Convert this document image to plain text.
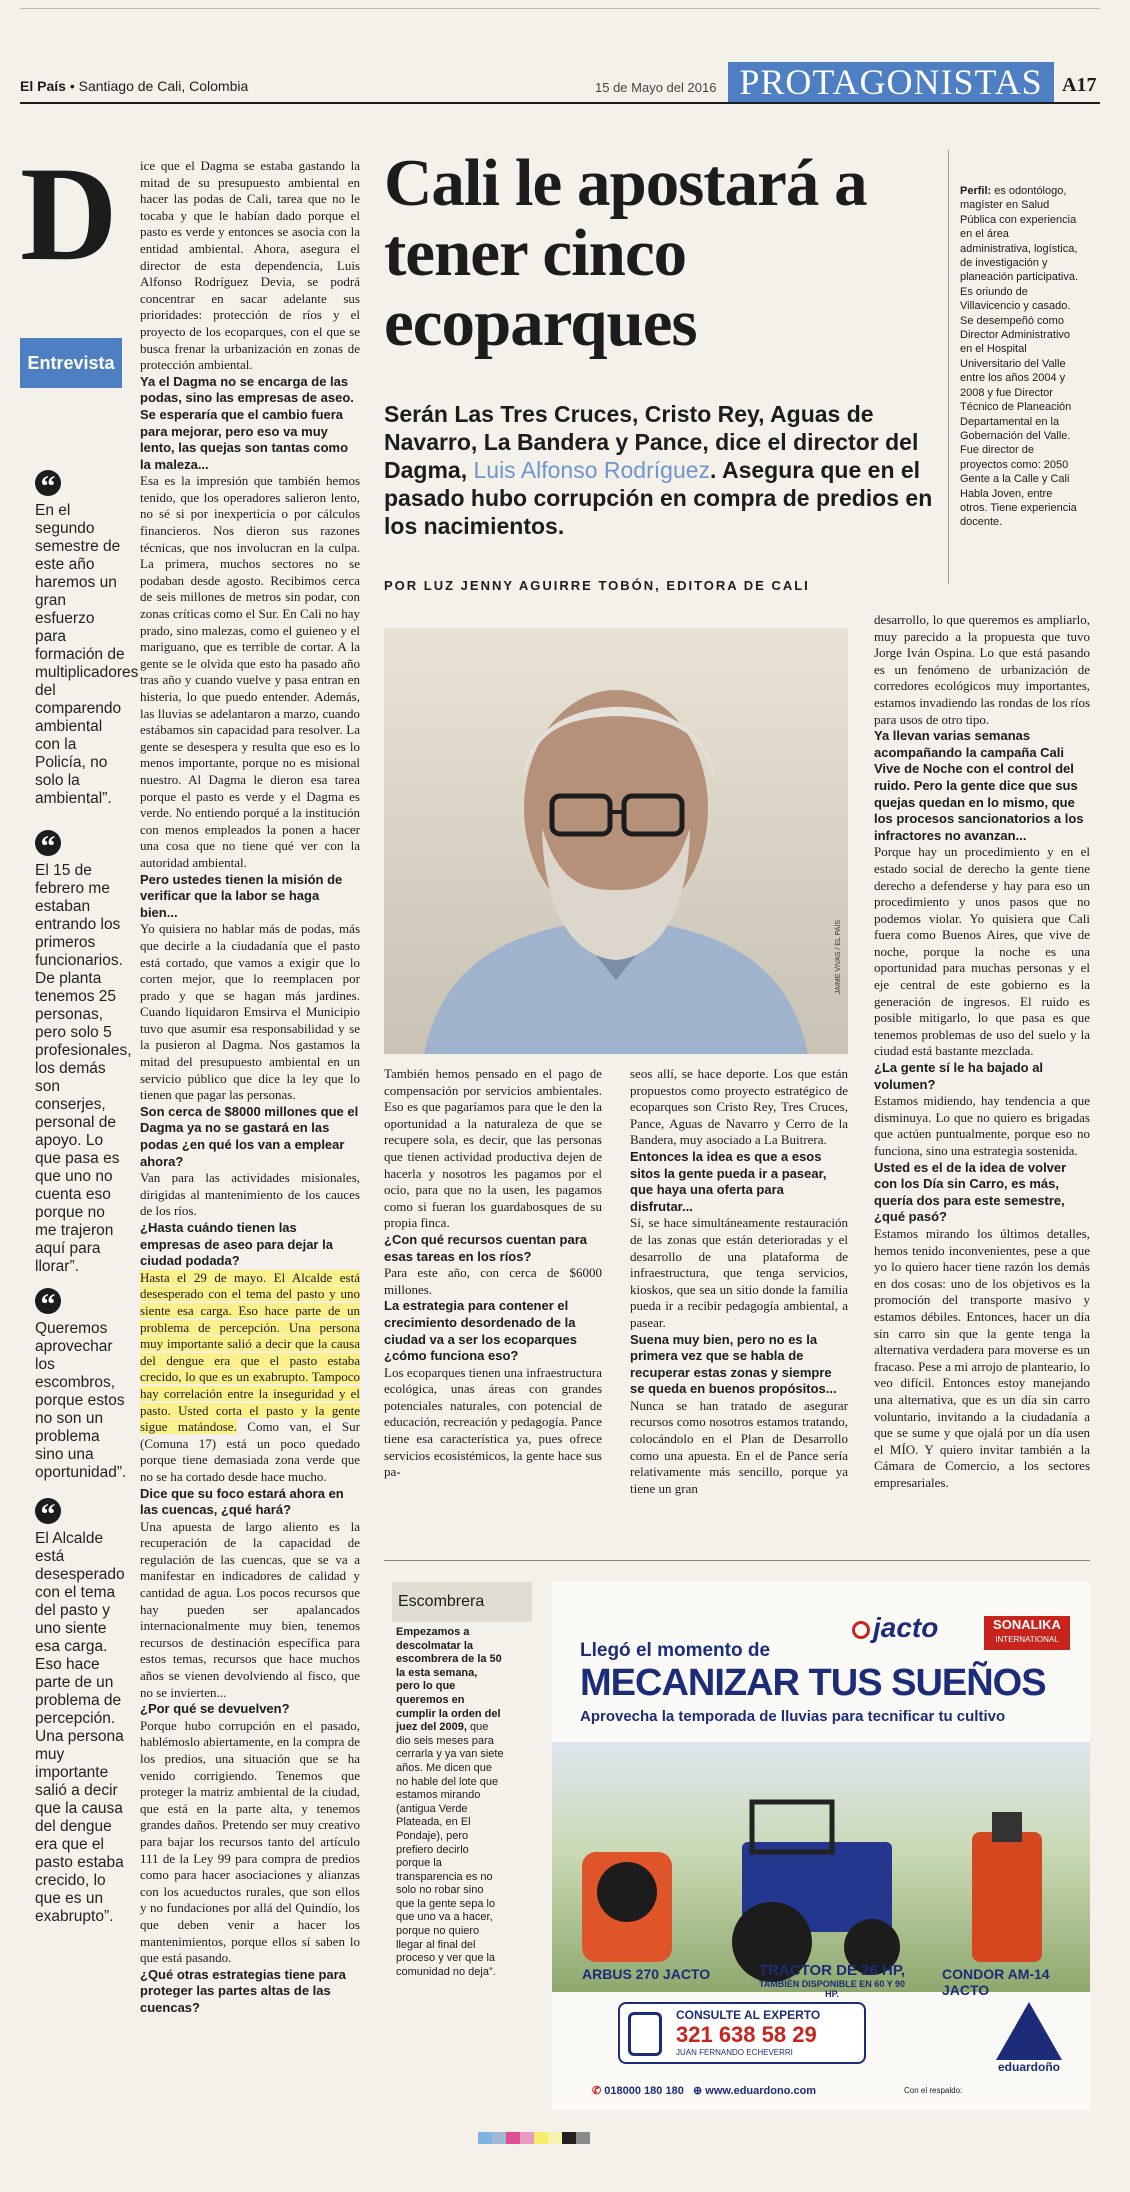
El País • Santiago de Cali, Colombia	15 de Mayo del 2016 PROTAGONISTAS A17
D
Entrevista
“
En el segundo semestre de este año haremos un gran esfuerzo para formación de multiplicadores del comparendo ambiental con la Policía, no solo la ambiental”.
“
El 15 de febrero me estaban entrando los primeros funcionarios. De planta tenemos 25 personas, pero solo 5 profesionales, los demás son conserjes, personal de apoyo. Lo que pasa es que uno no cuenta eso porque no me trajeron aquí para llorar”.
“
Queremos aprovechar los escombros, porque estos no son un problema sino una oportunidad”.
“
El Alcalde está desesperado con el tema del pasto y uno siente esa carga. Eso hace parte de un problema de percepción. Una persona muy importante salió a decir que la causa del dengue era que el pasto estaba crecido, lo que es un exabrupto”.

ice que el Dagma se estaba gastando la mitad de su presupuesto ambiental en hacer las podas de Cali, tarea que no le tocaba y que le habían dado porque el pasto es verde y entonces se asocia con la entidad ambiental. Ahora, asegura el director de esta dependencia, Luis Alfonso Rodríguez Devia, se podrá concentrar en sacar adelante sus prioridades: protección de ríos y el proyecto de los ecoparques, con el que se busca frenar la urbanización en zonas de protección ambiental.

Ya el Dagma no se encarga de las podas, sino las empresas de aseo. Se esperaría que el cambio fuera para mejorar, pero eso va muy lento, las quejas son tantas como la maleza...

Esa es la impresión que también hemos tenido, que los operadores salieron lento, no sé si por inexperticia o por cálculos financieros. Nos dieron sus razones técnicas, que nos involucran en la culpa. La primera, muchos sectores no se podaban desde agosto. Recibimos cerca de seis millones de metros sin podar, con zonas críticas como el Sur. En Cali no hay prado, sino malezas, como el guieneo y el mariguano, que es terrible de cortar. A la gente se le olvida que esto ha pasado año tras año y cuando vuelve y pasa entran en histeria, lo que puedo entender. Además, las lluvias se adelantaron a marzo, cuando estábamos sin capacidad para resolver. La gente se desespera y resulta que eso es lo menos importante, porque no es misional nuestro. Al Dagma le dieron esa tarea porque el pasto es verde y el Dagma es verde. No entiendo porqué a la institución con menos empleados la ponen a hacer una cosa que no tiene qué ver con la autoridad ambiental.

Pero ustedes tienen la misión de verificar que la labor se haga bien...

Yo quisiera no hablar más de podas, más que decirle a la ciudadanía que el pasto está cortado, que vamos a exigir que lo corten mejor, que lo reemplacen por prado y que se hagan más jardines. Cuando liquidaron Emsirva el Municipio tuvo que asumir esa responsabilidad y se la pusieron al Dagma. Nos gastamos la mitad del presupuesto ambiental en un servicio público que dice la ley que lo tienen que pagar las personas.

Son cerca de $8000 millones que el Dagma ya no se gastará en las podas ¿en qué los van a emplear ahora?

Van para las actividades misionales, dirigidas al mantenimiento de los cauces de los ríos.

¿Hasta cuándo tienen las empresas de aseo para dejar la ciudad podada?

Hasta el 29 de mayo. El Alcalde está desesperado con el tema del pasto y uno siente esa carga. Eso hace parte de un problema de percepción. Una persona muy importante salió a decir que la causa del dengue era que el pasto estaba crecido, lo que es un exabrupto. Tampoco hay correlación entre la inseguridad y el pasto. Usted corta el pasto y la gente sigue matándose. Como van, el Sur (Comuna 17) está un poco quedado porque tiene demasiada zona verde que no se ha cortado desde hace mucho.

Dice que su foco estará ahora en las cuencas, ¿qué hará?

Una apuesta de largo aliento es la recuperación de la capacidad de regulación de las cuencas, que se va a manifestar en indicadores de calidad y cantidad de agua. Los pocos recursos que hay pueden ser apalancados internacionalmente muy bien, tenemos recursos de destinación específica para estos temas, recursos que hace muchos años se vienen devolviendo al fisco, que no se invierten...

¿Por qué se devuelven?

Porque hubo corrupción en el pasado, hablémoslo abiertamente, en la compra de los predios, una situación que se ha venido corrigiendo. Tenemos que proteger la matriz ambiental de la ciudad, que está en la parte alta, y tenemos grandes daños. Pretendo ser muy creativo para bajar los recursos tanto del artículo 111 de la Ley 99 para compra de predios como para hacer asociaciones y alianzas con los acueductos rurales, que son ellos y no fundaciones por allá del Quindío, los que deben venir a hacer los mantenimientos, porque ellos sí saben lo que está pasando.

¿Qué otras estrategias tiene para proteger las partes altas de las cuencas?

Cali le apostará a tener cinco ecoparques
Serán Las Tres Cruces, Cristo Rey, Aguas de Navarro, La Bandera y Pance, dice el director del Dagma, Luis Alfonso Rodríguez. Asegura que en el pasado hubo corrupción en compra de predios en los nacimientos.
POR LUZ JENNY AGUIRRE TOBÓN, EDITORA DE CALI
Perfil: es odontólogo, magíster en Salud Pública con experiencia en el área administrativa, logística, de investigación y planeación participativa. Es oriundo de Villavicencio y casado. Se desempeñó como Director Administrativo en el Hospital Universitario del Valle entre los años 2004 y 2008 y fue Director Técnico de Planeación Departamental en la Gobernación del Valle. Fue director de proyectos como: 2050 Gente a la Calle y Cali Habla Joven, entre otros. Tiene experiencia docente.
JAIME VIVAS / EL PAÍS

También hemos pensado en el pago de compensación por servicios ambientales. Eso es que pagaríamos para que le den la oportunidad a la naturaleza de que se recupere sola, es decir, que las personas que tienen actividad productiva dejen de hacerla y nosotros les pagamos por el ocio, para que no la usen, les pagamos como si fueran los guardabosques de su propia finca.

¿Con qué recursos cuentan para esas tareas en los ríos?

Para este año, con cerca de $6000 millones.

La estrategia para contener el crecimiento desordenado de la ciudad va a ser los ecoparques ¿cómo funciona eso?

Los ecoparques tienen una infraestructura ecológica, unas áreas con grandes potenciales naturales, con potencial de educación, recreación y pedagogía. Pance tiene esa característica ya, pues ofrece servicios ecosistémicos, la gente hace sus pa-

seos allí, se hace deporte. Los que están propuestos como proyecto estratégico de ecoparques son Cristo Rey, Tres Cruces, Pance, Aguas de Navarro y Cerro de la Bandera, muy asociado a La Buitrera.

Entonces la idea es que a esos sitos la gente pueda ir a pasear, que haya una oferta para disfrutar...

Sí, se hace simultáneamente restauración de las zonas que están deterioradas y el desarrollo de una plataforma de infraestructura, que tenga servicios, kioskos, que sea un sitio donde la familia pueda ir a recibir pedagogía ambiental, a pasear.

Suena muy bien, pero no es la primera vez que se habla de recuperar estas zonas y siempre se queda en buenos propósitos...

Nunca se han tratado de asegurar recursos como nosotros estamos tratando, colocándolo en el Plan de Desarrollo como una apuesta. En el de Pance sería relativamente más sencillo, porque ya tiene un gran

desarrollo, lo que queremos es ampliarlo, muy parecido a la propuesta que tuvo Jorge Iván Ospina. Lo que está pasando es un fenómeno de urbanización de corredores ecológicos muy importantes, estamos invadiendo las rondas de los ríos para usos de otro tipo.

Ya llevan varias semanas acompañando la campaña Cali Vive de Noche con el control del ruido. Pero la gente dice que sus quejas quedan en lo mismo, que los procesos sancionatorios a los infractores no avanzan...

Porque hay un procedimiento y en el estado social de derecho la gente tiene derecho a defenderse y hay para eso un procedimiento y unos pasos que no podemos violar. Yo quisiera que Cali fuera como Buenos Aires, que vive de noche, porque la noche es una oportunidad para muchas personas y el eje central de este gobierno es la generación de ingresos. El ruido es posible mitigarlo, lo que pasa es que tenemos problemas de uso del suelo y la ciudad está bastante mezclada.

¿La gente sí le ha bajado al volumen?

Estamos midiendo, hay tendencia a que disminuya. Lo que no quiero es brigadas que actúen puntualmente, porque eso no funciona, sino una estrategia sostenida.

Usted es el de la idea de volver con los Día sin Carro, es más, quería dos para este semestre, ¿qué pasó?

Estamos mirando los últimos detalles, hemos tenido inconvenientes, pese a que yo lo quiero hacer tiene razón los demás en dos cosas: uno de los objetivos es la promoción del transporte masivo y estamos débiles. Entonces, hacer un día sin carro sin que la gente tenga la alternativa verdadera para moverse es un fracaso. Pese a mi arrojo de planteario, lo veo difícil. Entonces estoy manejando una alternativa, que es un día sin carro voluntario, invitando a la ciudadanía a que se sume y que ojalá por un día usen el MÍO. Y quiero invitar también a la Cámara de Comercio, a los sectores empresariales.

Escombrera
Empezamos a descolmatar la escombrera de la 50 la esta semana, pero lo que queremos en cumplir la orden del juez del 2009, que dio seis meses para cerrarla y ya van siete años. Me dicen que no hable del lote que estamos mirando (antigua Verde Plateada, en El Pondaje), pero prefiero decirlo porque la transparencia es no solo no robar sino que la gente sepa lo que uno va a hacer, porque no quiero llegar al final del proceso y ver que la comunidad no deja”.
Llegó el momento de
MECANIZAR TUS SUEÑOS
Aprovecha la temporada de lluvias para tecnificar tu cultivo
jacto	SONALIKA
INTERNATIONAL
ARBUS 270 JACTO	TRACTOR DE 26 HP,
TAMBIÉN DISPONIBLE EN 60 Y 90 HP.
CONDOR AM-14 JACTO
CONSULTE AL EXPERTO
321 638 58 29
JUAN FERNANDO ECHEVERRI
✆ 018000 180 180 ⊕ www.eduardono.com	Con el respaldo:
eduardoño
